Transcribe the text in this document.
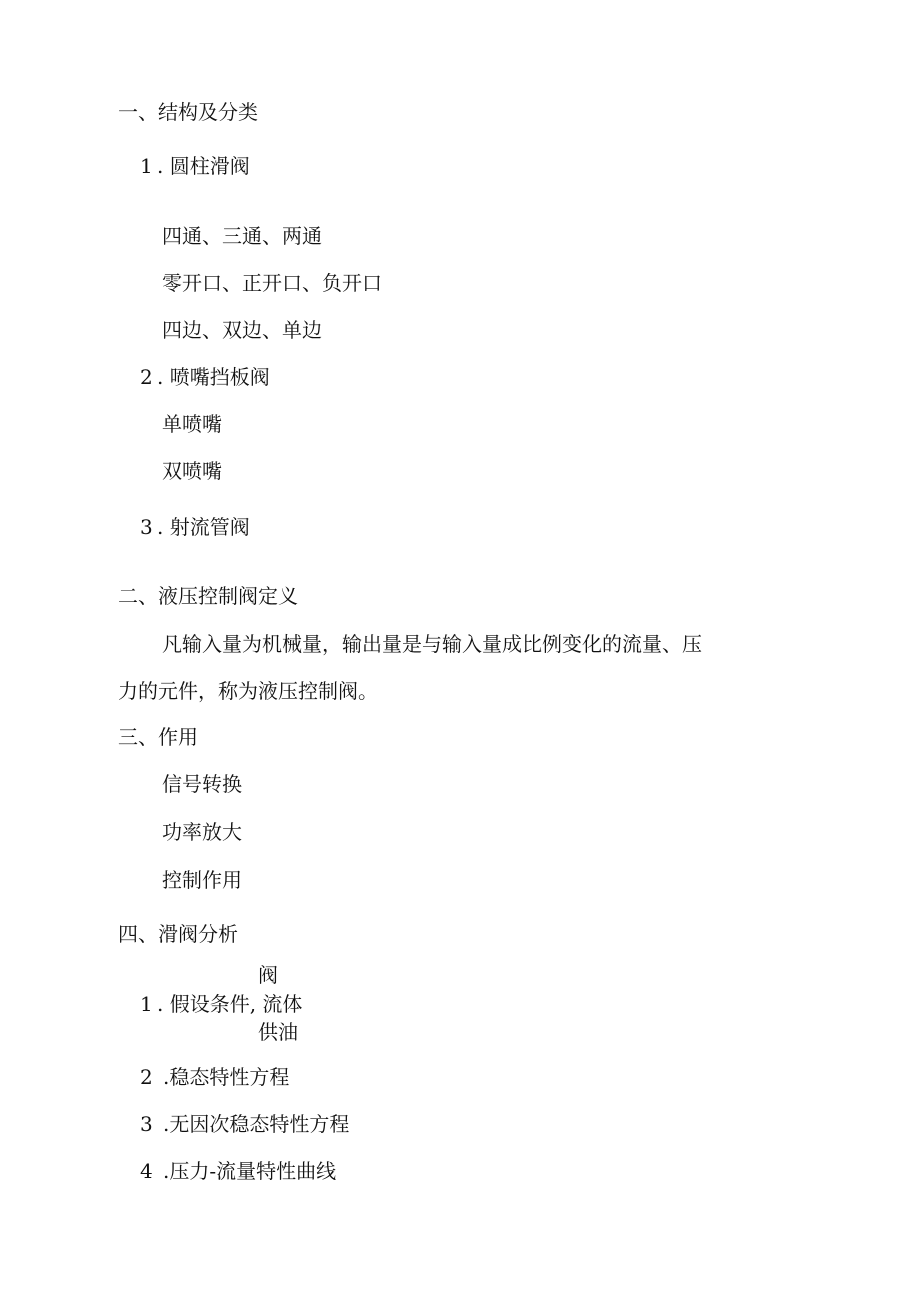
一、结构及分类
1 . 圆柱滑阀
四通、三通、两通
零开口、正开口、负开口
四边、双边、单边
2 . 喷嘴挡板阀
单喷嘴
双喷嘴
3 . 射流管阀
二、液压控制阀定义
凡输入量为机械量，输出量是与输入量成比例变化的流量、压
力的元件，称为液压控制阀。
三、作用
信号转换
功率放大
控制作用
四、滑阀分析
阀
1 . 假设条件, 流体
供油
2 .稳态特性方程
3 .无因次稳态特性方程
4 .压力-流量特性曲线
